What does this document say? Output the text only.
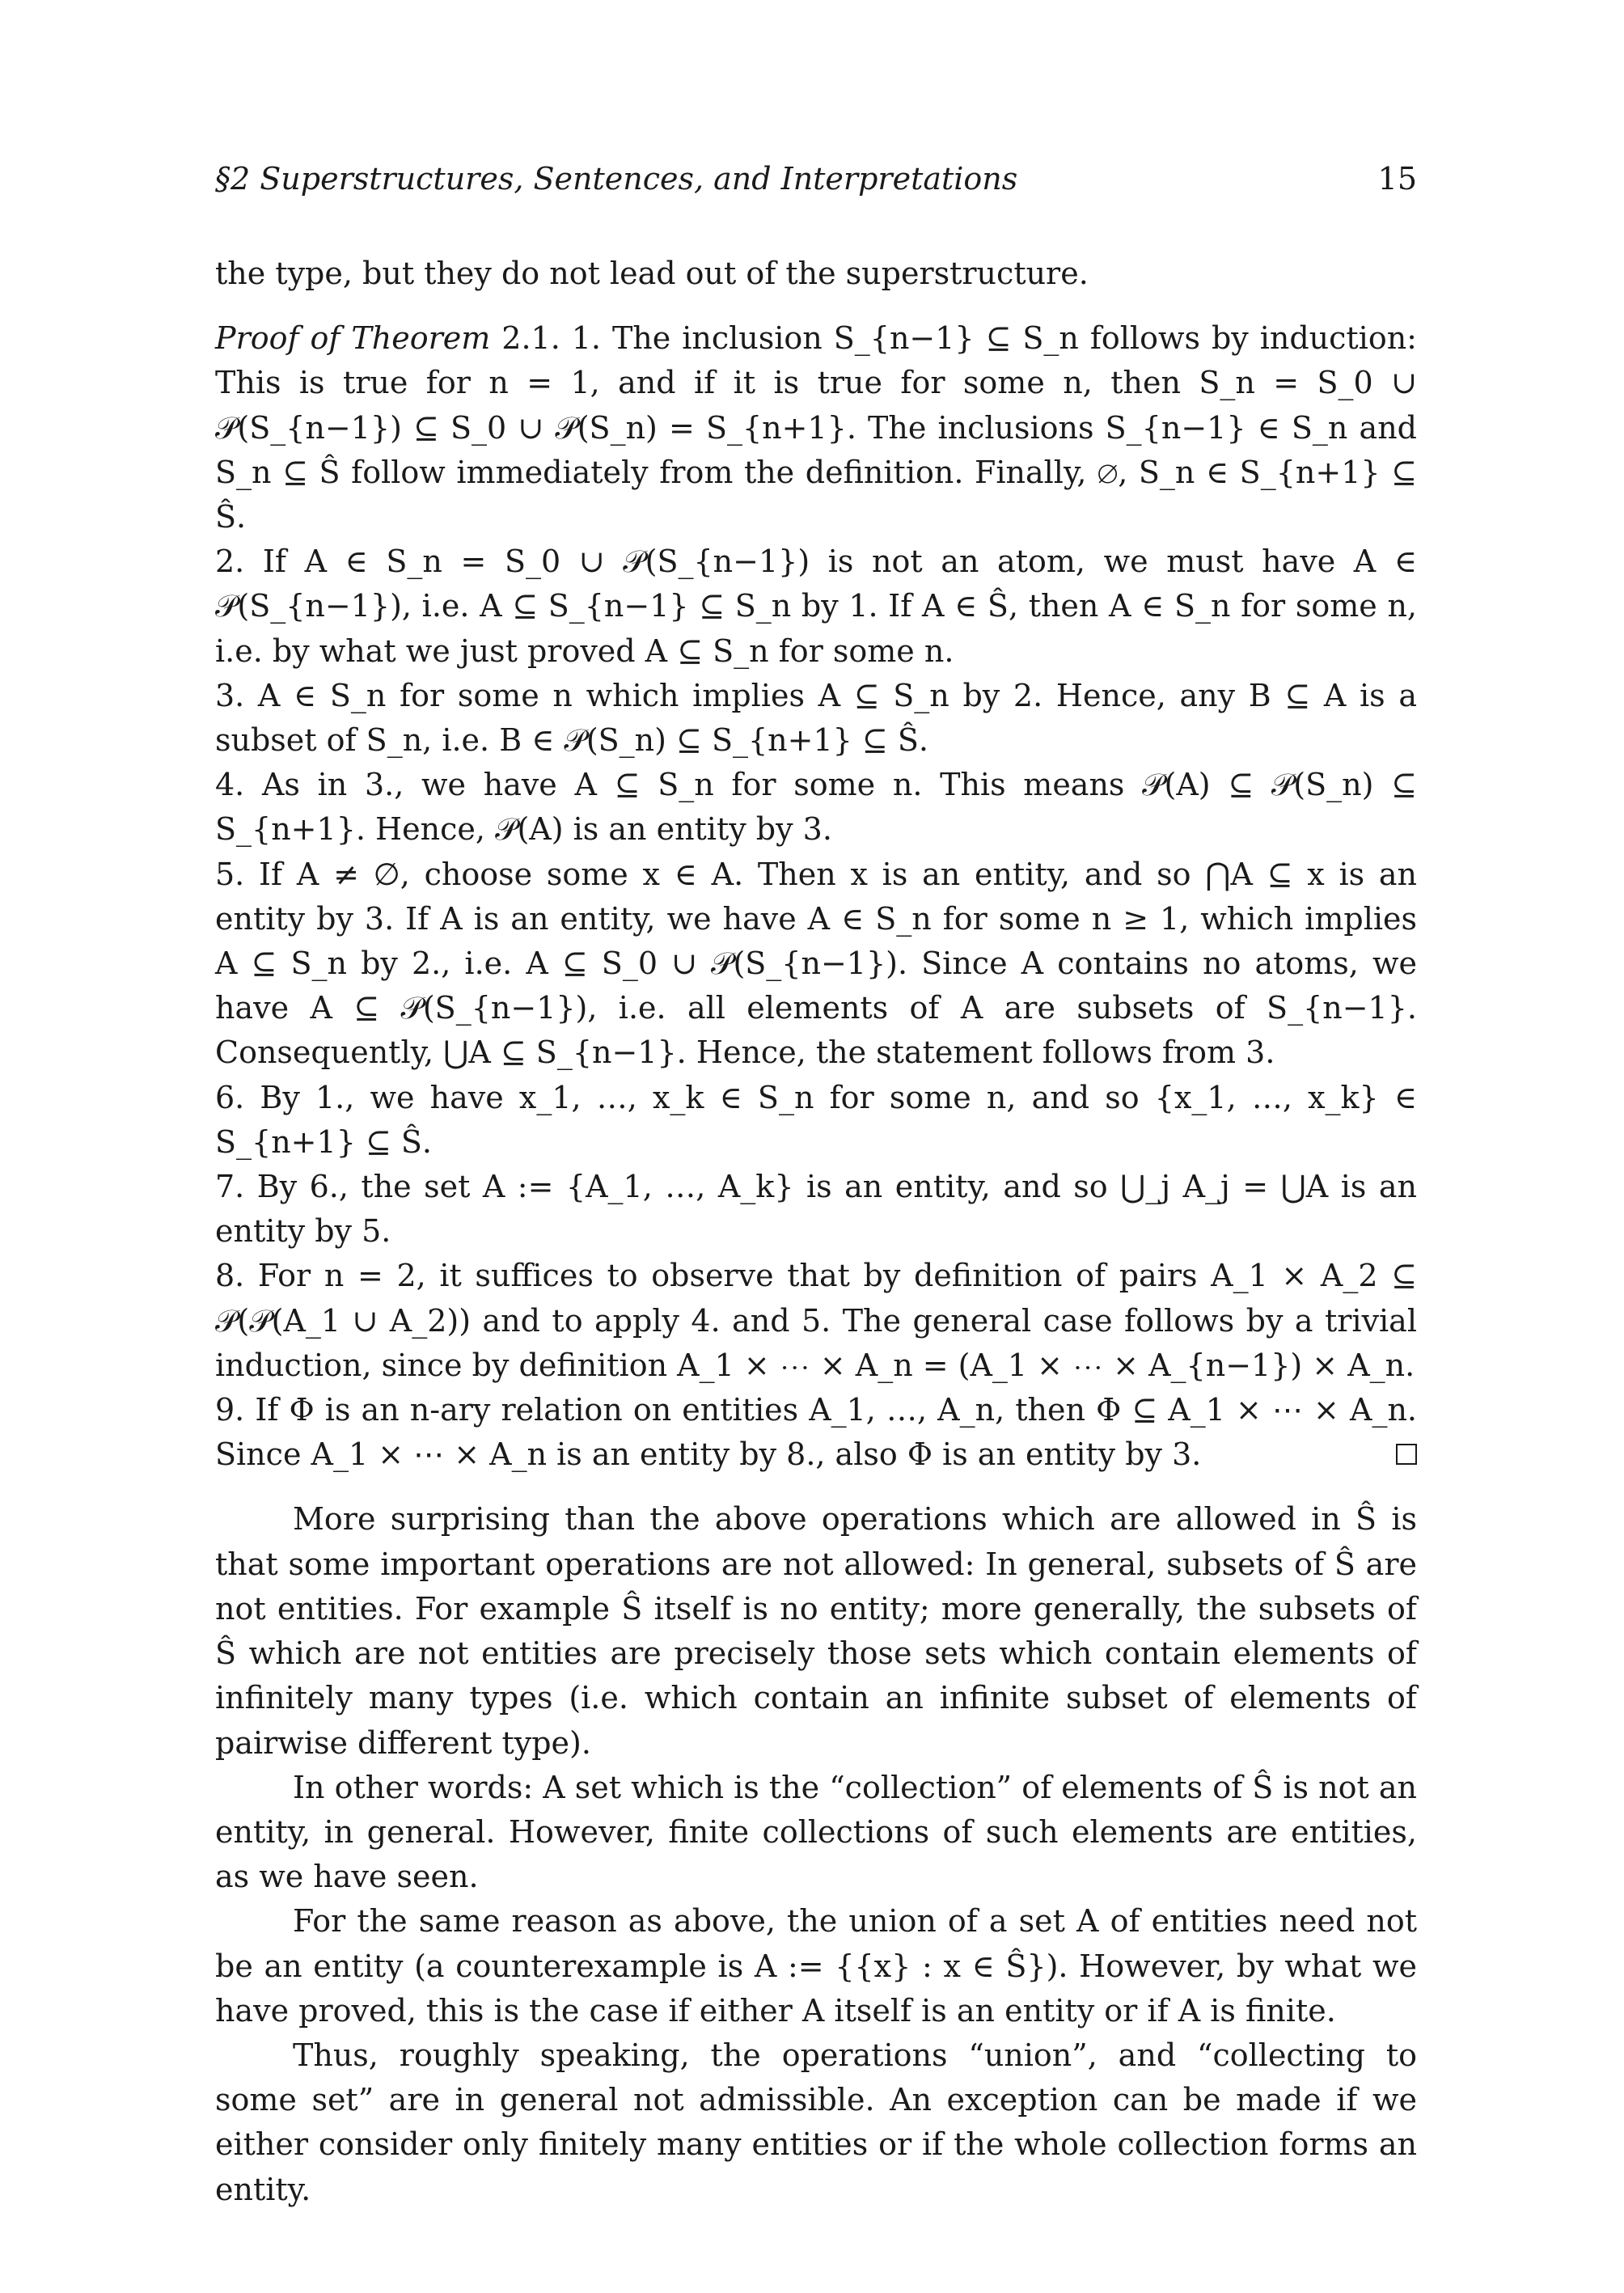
§2 Superstructures, Sentences, and Interpretations	15

the type, but they do not lead out of the superstructure.

Proof of Theorem 2.1. 1. The inclusion S_{n−1} ⊆ S_n follows by induction: This is true for n = 1, and if it is true for some n, then S_n = S_0 ∪ 𝒫(S_{n−1}) ⊆ S_0 ∪ 𝒫(S_n) = S_{n+1}. The inclusions S_{n−1} ∈ S_n and S_n ⊆ Ŝ follow immediately from the definition. Finally, ∅, S_n ∈ S_{n+1} ⊆ Ŝ.

2. If A ∈ S_n = S_0 ∪ 𝒫(S_{n−1}) is not an atom, we must have A ∈ 𝒫(S_{n−1}), i.e. A ⊆ S_{n−1} ⊆ S_n by 1. If A ∈ Ŝ, then A ∈ S_n for some n, i.e. by what we just proved A ⊆ S_n for some n.

3. A ∈ S_n for some n which implies A ⊆ S_n by 2. Hence, any B ⊆ A is a subset of S_n, i.e. B ∈ 𝒫(S_n) ⊆ S_{n+1} ⊆ Ŝ.

4. As in 3., we have A ⊆ S_n for some n. This means 𝒫(A) ⊆ 𝒫(S_n) ⊆ S_{n+1}. Hence, 𝒫(A) is an entity by 3.

5. If A ≠ ∅, choose some x ∈ A. Then x is an entity, and so ⋂A ⊆ x is an entity by 3. If A is an entity, we have A ∈ S_n for some n ≥ 1, which implies A ⊆ S_n by 2., i.e. A ⊆ S_0 ∪ 𝒫(S_{n−1}). Since A contains no atoms, we have A ⊆ 𝒫(S_{n−1}), i.e. all elements of A are subsets of S_{n−1}. Consequently, ⋃A ⊆ S_{n−1}. Hence, the statement follows from 3.

6. By 1., we have x_1, …, x_k ∈ S_n for some n, and so {x_1, …, x_k} ∈ S_{n+1} ⊆ Ŝ.

7. By 6., the set A := {A_1, …, A_k} is an entity, and so ⋃_j A_j = ⋃A is an entity by 5.

8. For n = 2, it suffices to observe that by definition of pairs A_1 × A_2 ⊆ 𝒫(𝒫(A_1 ∪ A_2)) and to apply 4. and 5. The general case follows by a trivial induction, since by definition A_1 × ⋯ × A_n = (A_1 × ⋯ × A_{n−1}) × A_n.

9. If Φ is an n-ary relation on entities A_1, …, A_n, then Φ ⊆ A_1 × ⋯ × A_n. Since A_1 × ⋯ × A_n is an entity by 8., also Φ is an entity by 3.

More surprising than the above operations which are allowed in Ŝ is that some important operations are not allowed: In general, subsets of Ŝ are not entities. For example Ŝ itself is no entity; more generally, the subsets of Ŝ which are not entities are precisely those sets which contain elements of infinitely many types (i.e. which contain an infinite subset of elements of pairwise different type).

In other words: A set which is the “collection” of elements of Ŝ is not an entity, in general. However, finite collections of such elements are entities, as we have seen.

For the same reason as above, the union of a set A of entities need not be an entity (a counterexample is A := {{x} : x ∈ Ŝ}). However, by what we have proved, this is the case if either A itself is an entity or if A is finite.

Thus, roughly speaking, the operations “union”, and “collecting to some set” are in general not admissible. An exception can be made if we either consider only finitely many entities or if the whole collection forms an entity.
